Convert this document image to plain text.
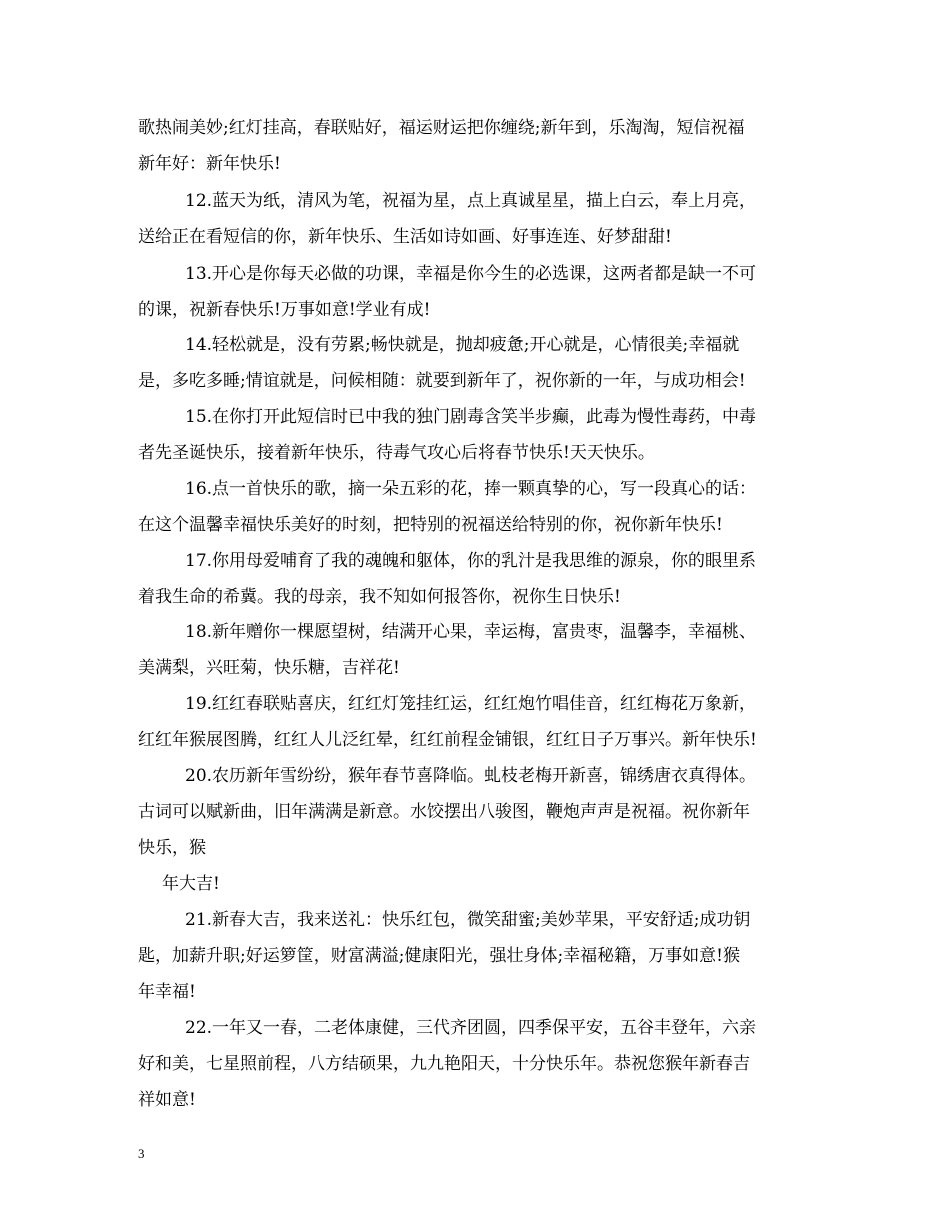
歌热闹美妙;红灯挂高，春联贴好，福运财运把你缠绕;新年到，乐淘淘，短信祝福
新年好：新年快乐!
12.蓝天为纸，清风为笔，祝福为星，点上真诚星星，描上白云，奉上月亮，
送给正在看短信的你，新年快乐、生活如诗如画、好事连连、好梦甜甜!
13.开心是你每天必做的功课，幸福是你今生的必选课，这两者都是缺一不可
的课，祝新春快乐!万事如意!学业有成!
14.轻松就是，没有劳累;畅快就是，抛却疲惫;开心就是，心情很美;幸福就
是，多吃多睡;情谊就是，问候相随：就要到新年了，祝你新的一年，与成功相会!
15.在你打开此短信时已中我的独门剧毒含笑半步癫，此毒为慢性毒药，中毒
者先圣诞快乐，接着新年快乐，待毒气攻心后将春节快乐!天天快乐。
16.点一首快乐的歌，摘一朵五彩的花，捧一颗真挚的心，写一段真心的话：
在这个温馨幸福快乐美好的时刻，把特别的祝福送给特别的你，祝你新年快乐!
17.你用母爱哺育了我的魂魄和躯体，你的乳汁是我思维的源泉，你的眼里系
着我生命的希冀。我的母亲，我不知如何报答你，祝你生日快乐!
18.新年赠你一棵愿望树，结满开心果，幸运梅，富贵枣，温馨李，幸福桃、
美满梨，兴旺菊，快乐糖，吉祥花!
19.红红春联贴喜庆，红红灯笼挂红运，红红炮竹唱佳音，红红梅花万象新，
红红年猴展图腾，红红人儿泛红晕，红红前程金铺银，红红日子万事兴。新年快乐!
20.农历新年雪纷纷，猴年春节喜降临。虬枝老梅开新喜，锦绣唐衣真得体。
古词可以赋新曲，旧年满满是新意。水饺摆出八骏图，鞭炮声声是祝福。祝你新年
快乐，猴
年大吉!
21.新春大吉，我来送礼：快乐红包，微笑甜蜜;美妙苹果，平安舒适;成功钥
匙，加薪升职;好运箩筐，财富满溢;健康阳光，强壮身体;幸福秘籍，万事如意!猴
年幸福!
22.一年又一春，二老体康健，三代齐团圆，四季保平安，五谷丰登年，六亲
好和美，七星照前程，八方结硕果，九九艳阳天，十分快乐年。恭祝您猴年新春吉
祥如意!
3
